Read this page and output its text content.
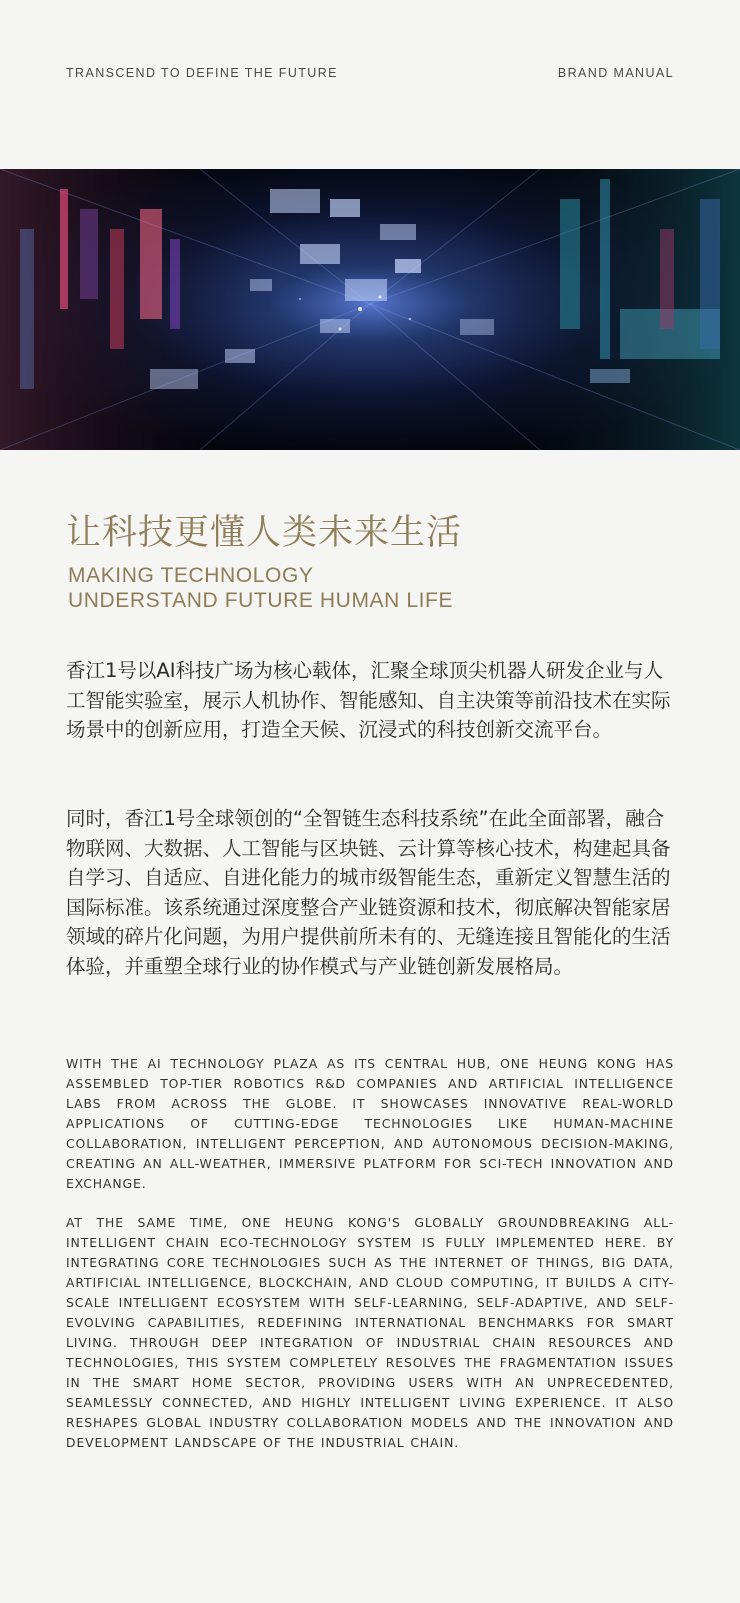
TRANSCEND TO DEFINE THE FUTURE	BRAND MANUAL
让科技更懂人类未来生活
MAKING TECHNOLOGY
UNDERSTAND FUTURE HUMAN LIFE

香江1号以AI科技广场为核心载体，汇聚全球顶尖机器人研发企业与人工智能实验室，展示人机协作、智能感知、自主决策等前沿技术在实际场景中的创新应用，打造全天候、沉浸式的科技创新交流平台。

同时，香江1号全球领创的“全智链生态科技系统”在此全面部署，融合物联网、大数据、人工智能与区块链、云计算等核心技术，构建起具备自学习、自适应、自进化能力的城市级智能生态，重新定义智慧生活的国际标准。该系统通过深度整合产业链资源和技术，彻底解决智能家居领域的碎片化问题，为用户提供前所未有的、无缝连接且智能化的生活体验，并重塑全球行业的协作模式与产业链创新发展格局。

WITH THE AI TECHNOLOGY PLAZA AS ITS CENTRAL HUB, ONE HEUNG KONG HAS ASSEMBLED TOP-TIER ROBOTICS R&D COMPANIES AND ARTIFICIAL INTELLIGENCE LABS FROM ACROSS THE GLOBE. IT SHOWCASES INNOVATIVE REAL-WORLD APPLICATIONS OF CUTTING-EDGE TECHNOLOGIES LIKE HUMAN-MACHINE COLLABORATION, INTELLIGENT PERCEPTION, AND AUTONOMOUS DECISION-MAKING, CREATING AN ALL-WEATHER, IMMERSIVE PLATFORM FOR SCI-TECH INNOVATION AND EXCHANGE.

AT THE SAME TIME, ONE HEUNG KONG'S GLOBALLY GROUNDBREAKING ALL-INTELLIGENT CHAIN ECO-TECHNOLOGY SYSTEM IS FULLY IMPLEMENTED HERE. BY INTEGRATING CORE TECHNOLOGIES SUCH AS THE INTERNET OF THINGS, BIG DATA, ARTIFICIAL INTELLIGENCE, BLOCKCHAIN, AND CLOUD COMPUTING, IT BUILDS A CITY-SCALE INTELLIGENT ECOSYSTEM WITH SELF-LEARNING, SELF-ADAPTIVE, AND SELF-EVOLVING CAPABILITIES, REDEFINING INTERNATIONAL BENCHMARKS FOR SMART LIVING. THROUGH DEEP INTEGRATION OF INDUSTRIAL CHAIN RESOURCES AND TECHNOLOGIES, THIS SYSTEM COMPLETELY RESOLVES THE FRAGMENTATION ISSUES IN THE SMART HOME SECTOR, PROVIDING USERS WITH AN UNPRECEDENTED, SEAMLESSLY CONNECTED, AND HIGHLY INTELLIGENT LIVING EXPERIENCE. IT ALSO RESHAPES GLOBAL INDUSTRY COLLABORATION MODELS AND THE INNOVATION AND DEVELOPMENT LANDSCAPE OF THE INDUSTRIAL CHAIN.
